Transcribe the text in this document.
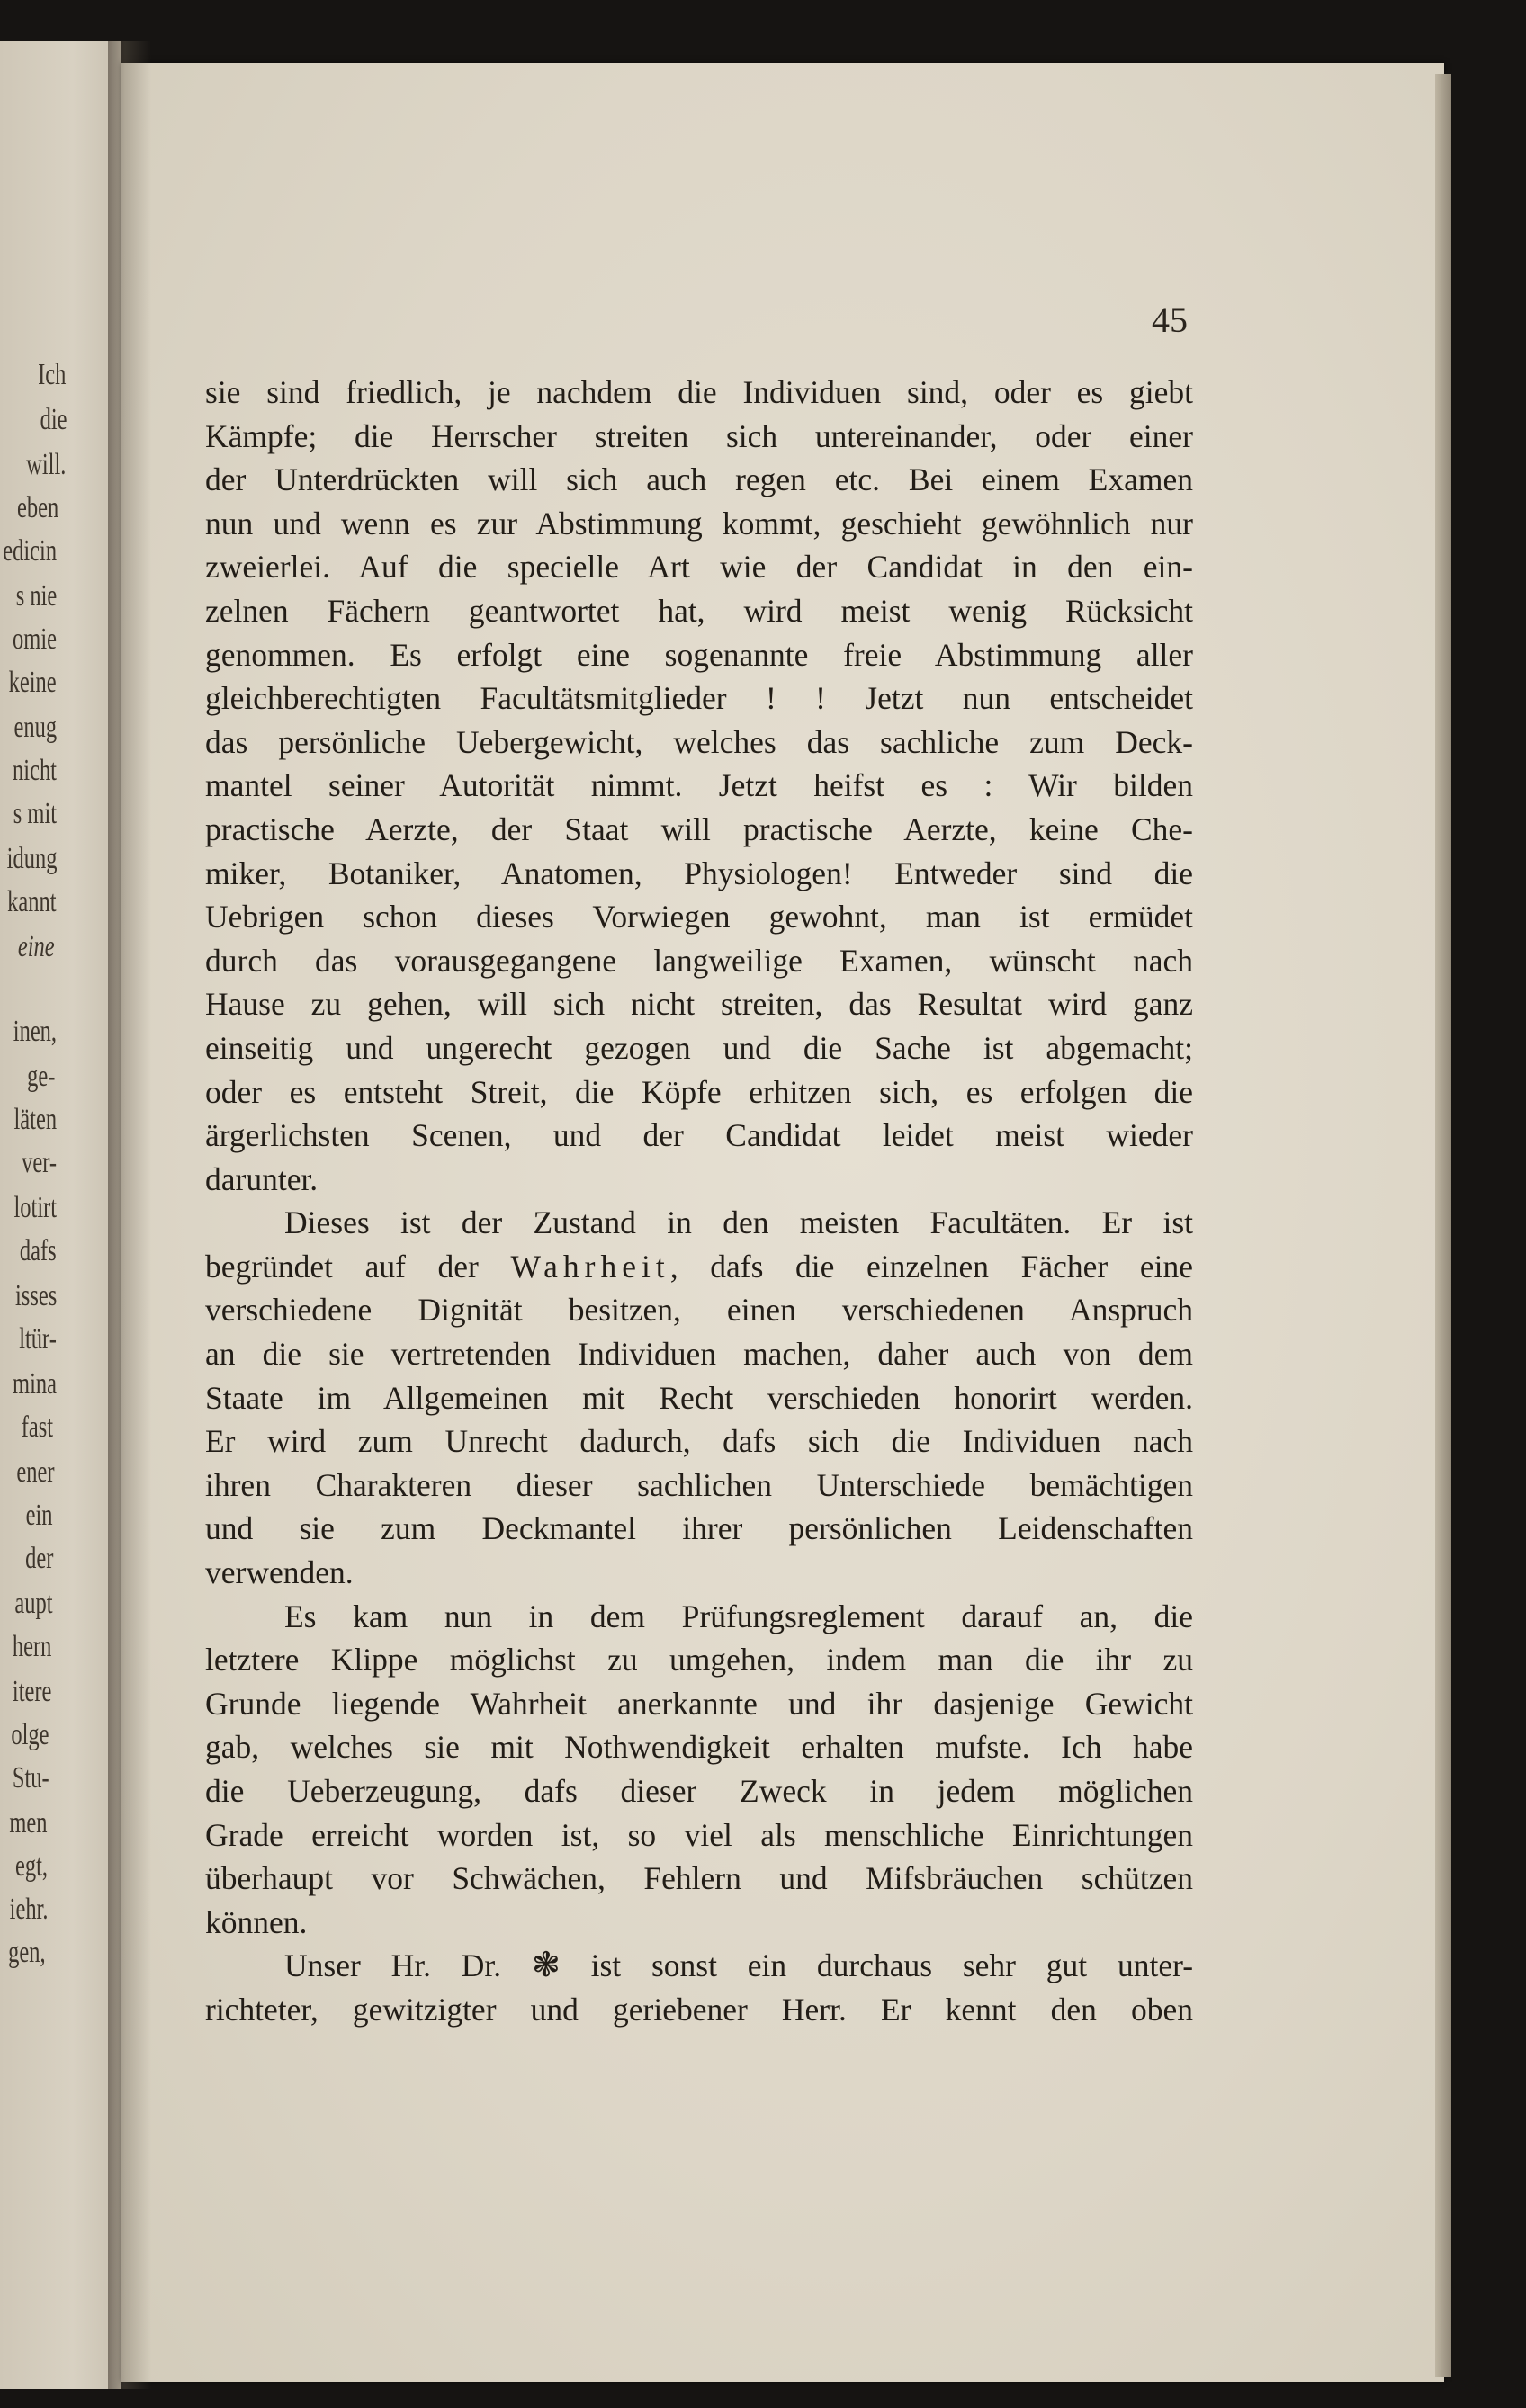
Ich
die
will.
eben
edicin
s nie
omie
keine
enug
nicht
s mit
idung
kannt
eine
inen,
ge-
läten
ver-
lotirt
dafs
isses
ltür-
mina
fast
ener
ein
der
aupt
hern
itere
olge
Stu-
men
egt,
iehr.
gen,
45
sie sind friedlich, je nachdem die Individuen sind, oder es giebt
Kämpfe; die Herrscher streiten sich untereinander, oder einer
der Unterdrückten will sich auch regen etc. Bei einem Examen
nun und wenn es zur Abstimmung kommt, geschieht gewöhnlich nur
zweierlei. Auf die specielle Art wie der Candidat in den ein-
zelnen Fächern geantwortet hat, wird meist wenig Rücksicht
genommen. Es erfolgt eine sogenannte freie Abstimmung aller
gleichberechtigten Facultätsmitglieder ! ! Jetzt nun entscheidet
das persönliche Uebergewicht, welches das sachliche zum Deck-
mantel seiner Autorität nimmt. Jetzt heifst es : Wir bilden
practische Aerzte, der Staat will practische Aerzte, keine Che-
miker, Botaniker, Anatomen, Physiologen! Entweder sind die
Uebrigen schon dieses Vorwiegen gewohnt, man ist ermüdet
durch das vorausgegangene langweilige Examen, wünscht nach
Hause zu gehen, will sich nicht streiten, das Resultat wird ganz
einseitig und ungerecht gezogen und die Sache ist abgemacht;
oder es entsteht Streit, die Köpfe erhitzen sich, es erfolgen die
ärgerlichsten Scenen, und der Candidat leidet meist wieder
darunter.
Dieses ist der Zustand in den meisten Facultäten. Er ist
begründet auf der Wahrheit, dafs die einzelnen Fächer eine
verschiedene Dignität besitzen, einen verschiedenen Anspruch
an die sie vertretenden Individuen machen, daher auch von dem
Staate im Allgemeinen mit Recht verschieden honorirt werden.
Er wird zum Unrecht dadurch, dafs sich die Individuen nach
ihren Charakteren dieser sachlichen Unterschiede bemächtigen
und sie zum Deckmantel ihrer persönlichen Leidenschaften
verwenden.
Es kam nun in dem Prüfungsreglement darauf an, die
letztere Klippe möglichst zu umgehen, indem man die ihr zu
Grunde liegende Wahrheit anerkannte und ihr dasjenige Gewicht
gab, welches sie mit Nothwendigkeit erhalten mufste. Ich habe
die Ueberzeugung, dafs dieser Zweck in jedem möglichen
Grade erreicht worden ist, so viel als menschliche Einrichtungen
überhaupt vor Schwächen, Fehlern und Mifsbräuchen schützen
können.
Unser Hr. Dr. ❃ ist sonst ein durchaus sehr gut unter-
richteter, gewitzigter und geriebener Herr. Er kennt den oben
